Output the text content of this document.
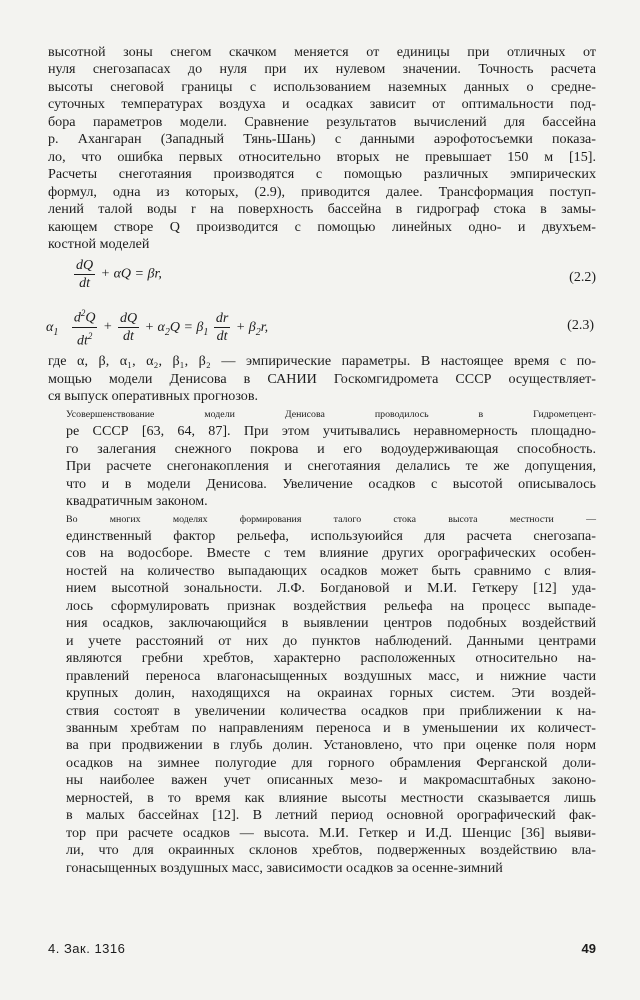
высотной зоны снегом скачком меняется от единицы при отличных от
нуля снегозапасах до нуля при их нулевом значении. Точность расчета
высоты снеговой границы с использованием наземных данных о средне-
суточных температурах воздуха и осадках зависит от оптимальности под-
бора параметров модели. Сравнение результатов вычислений для бассейна
р. Ахангаран (Западный Тянь-Шань) с данными аэрофотосъемки показа-
ло, что ошибка первых относительно вторых не превышает 150 м [15].
Расчеты снеготаяния производятся с помощью различных эмпирических
формул, одна из которых, (2.9), приводится далее. Трансформация поступ-
лений талой воды r на поверхность бассейна в гидрограф стока в замы-
кающем створе Q производится с помощью линейных одно- и двухъем-
костной моделей
$\frac{dQ}{dt} + \alpha Q = \beta r$,	(2.2)
$\alpha_1 \frac{d^2Q}{dt^2} + \frac{dQ}{dt} + \alpha_2Q = \beta_1 \frac{dr}{dt} + \beta_2r$,	(2.3)
где α, β, α₁, α₂, β₁, β₂ — эмпирические параметры. В настоящее время с по-
мощью модели Денисова в САНИИ Госкомгидромета СССР осуществляет-
ся выпуск оперативных прогнозов.
Усовершенствование модели Денисова проводилось в Гидрометцент-
ре СССР [63, 64, 87]. При этом учитывались неравномерность площадно-
го залегания снежного покрова и его водоудерживающая способность.
При расчете снегонакопления и снеготаяния делались те же допущения,
что и в модели Денисова. Увеличение осадков с высотой описывалось
квадратичным законом.
Во многих моделях формирования талого стока высота местности —
единственный фактор рельефа, используюийся для расчета снегозапа-
сов на водосборе. Вместе с тем влияние других орографических особен-
ностей на количество выпадающих осадков может быть сравнимо с влия-
нием высотной зональности. Л.Ф. Богдановой и М.И. Геткеру [12] уда-
лось сформулировать признак воздействия рельефа на процесс выпаде-
ния осадков, заключающийся в выявлении центров подобных воздействий
и учете расстояний от них до пунктов наблюдений. Данными центрами
являются гребни хребтов, характерно расположенных относительно на-
правлений переноса влагонасыщенных воздушных масс, и нижние части
крупных долин, находящихся на окраинах горных систем. Эти воздей-
ствия состоят в увеличении количества осадков при приближении к на-
званным хребтам по направлениям переноса и в уменьшении их количест-
ва при продвижении в глубь долин. Установлено, что при оценке поля норм
осадков на зимнее полугодие для горного обрамления Ферганской доли-
ны наиболее важен учет описанных мезо- и макромасштабных законо-
мерностей, в то время как влияние высоты местности сказывается лишь
в малых бассейнах [12]. В летний период основной орографический фак-
тор при расчете осадков — высота. М.И. Геткер и И.Д. Шенцис [36] выяви-
ли, что для окраинных склонов хребтов, подверженных воздействию вла-
гонасыщенных воздушных масс, зависимости осадков за осенне-зимний
4. Зак. 1316	49
